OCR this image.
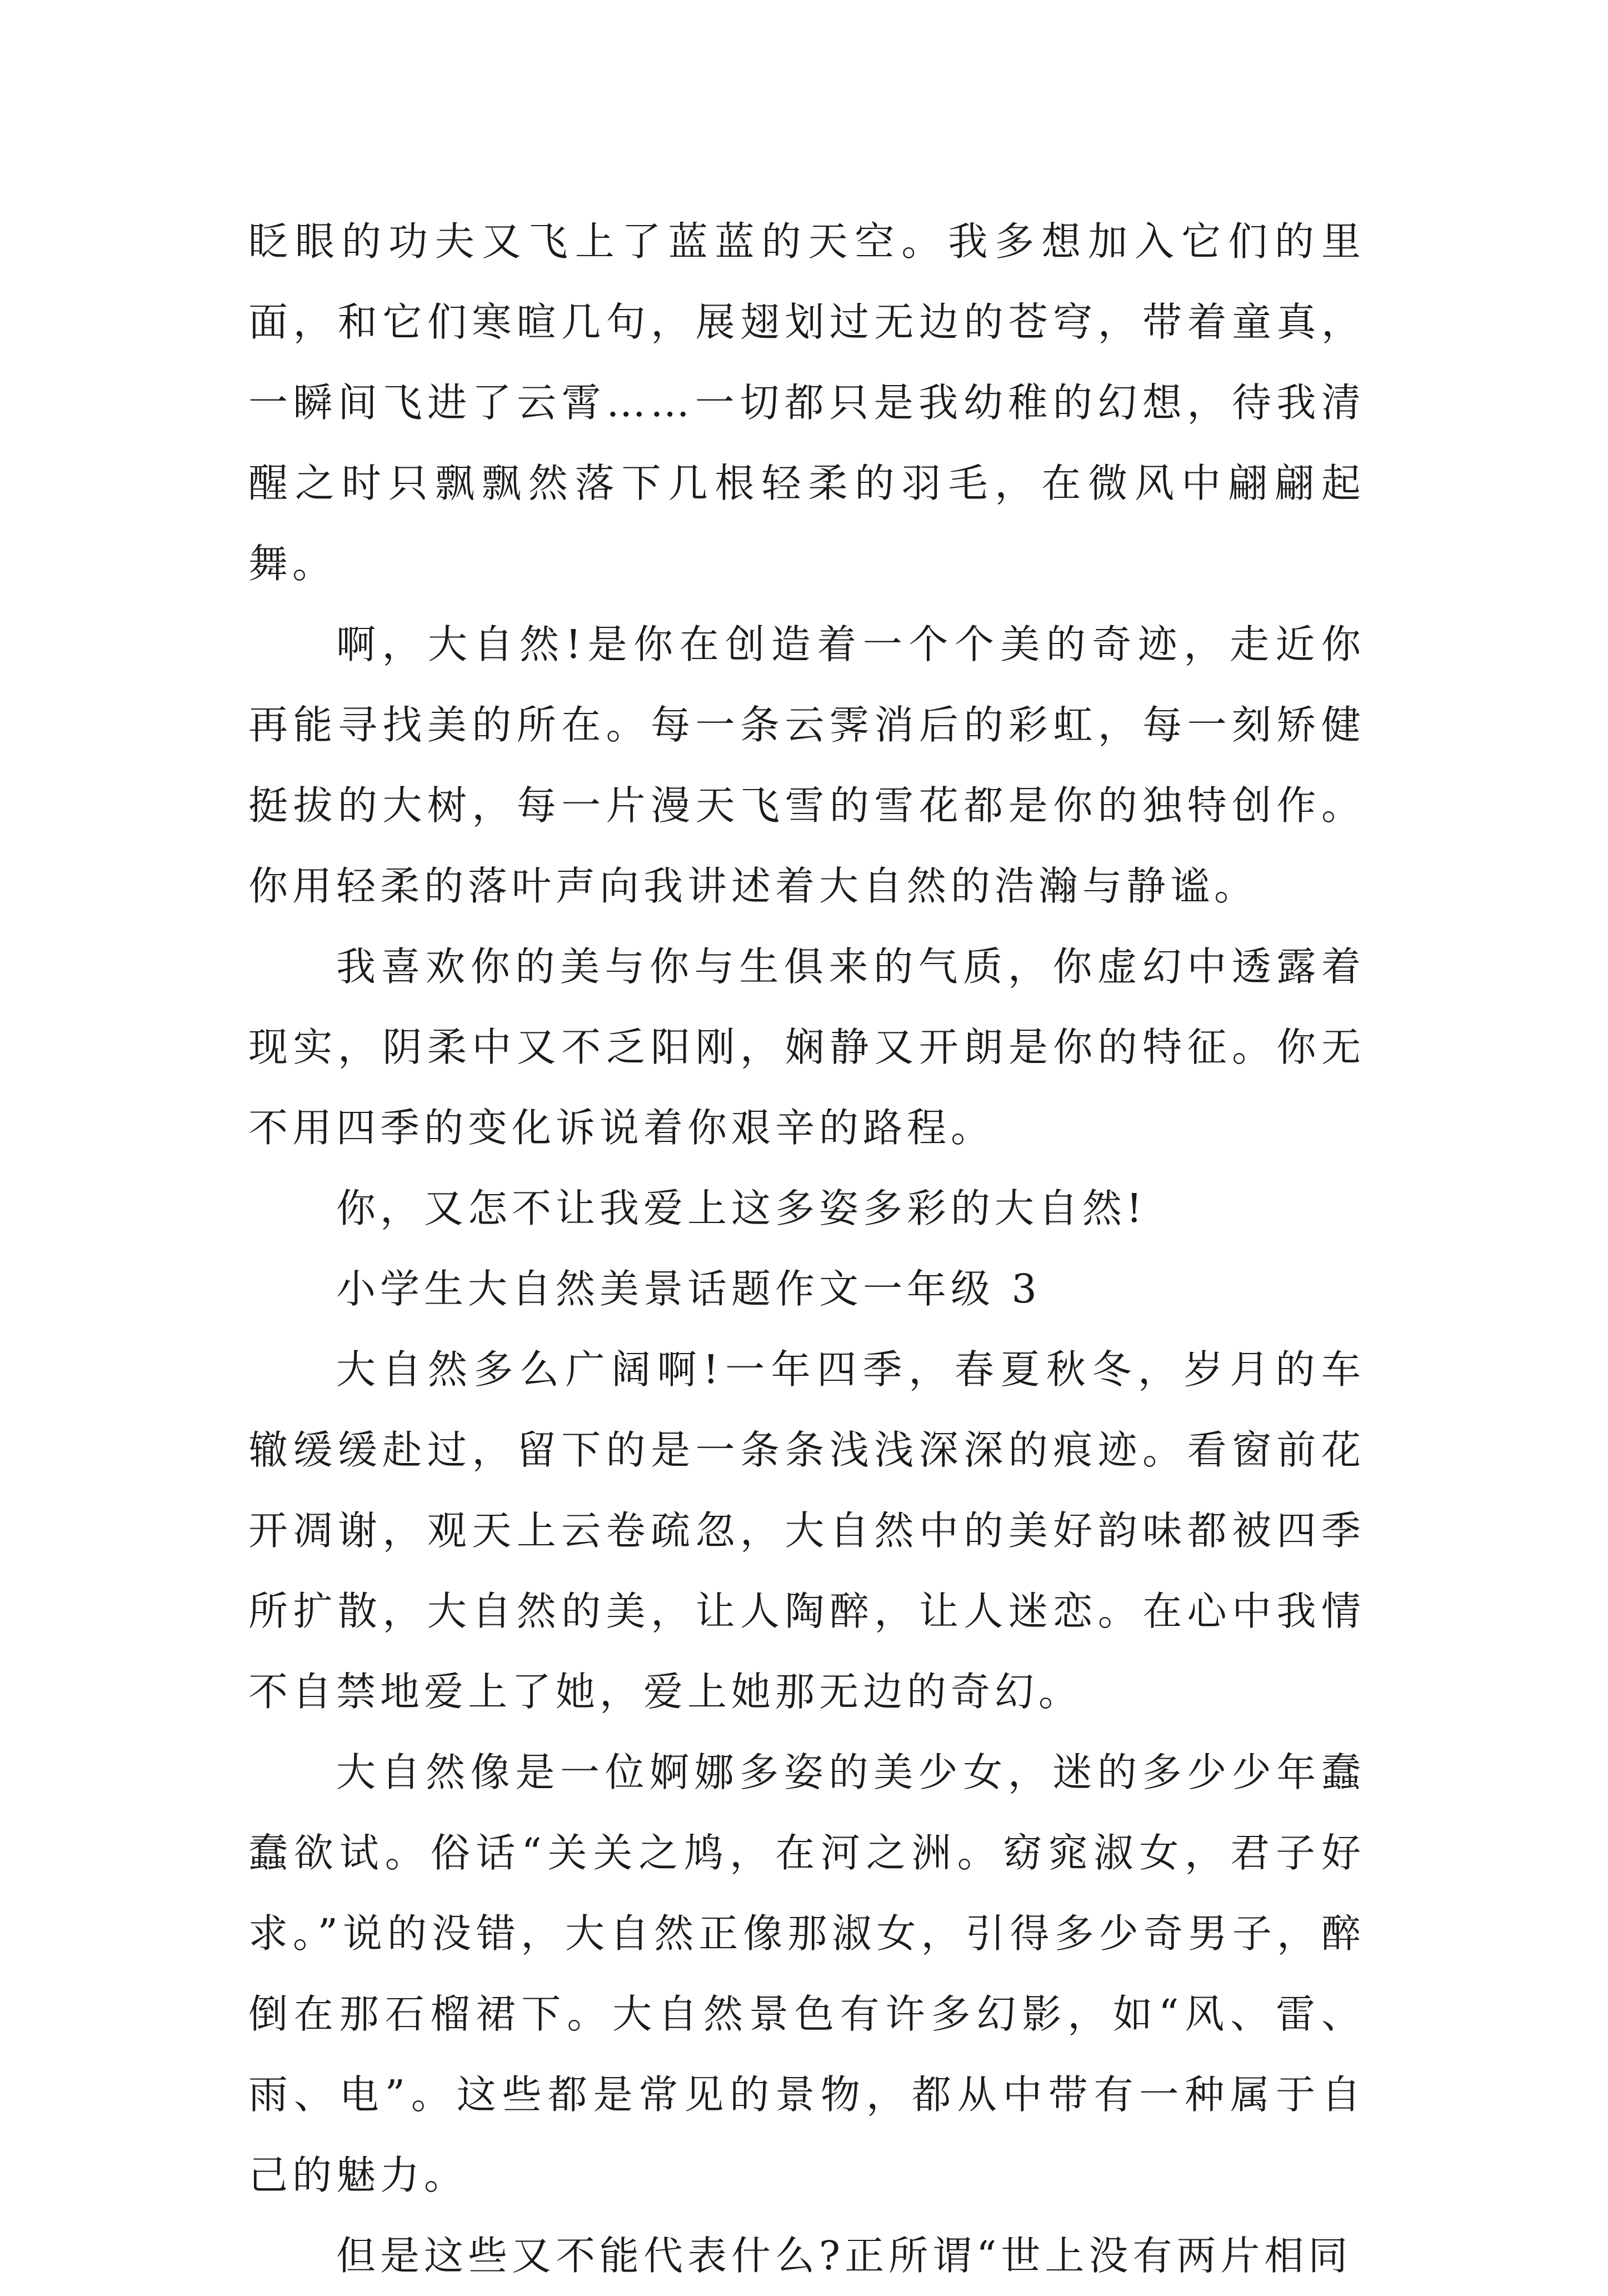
眨眼的功夫又飞上了蓝蓝的天空。我多想加入它们的里面，和它们寒暄几句，展翅划过无边的苍穹，带着童真，一瞬间飞进了云霄……一切都只是我幼稚的幻想，待我清醒之时只飘飘然落下几根轻柔的羽毛，在微风中翩翩起舞。

啊，大自然!是你在创造着一个个美的奇迹，走近你再能寻找美的所在。每一条云霁消后的彩虹，每一刻矫健挺拔的大树，每一片漫天飞雪的雪花都是你的独特创作。你用轻柔的落叶声向我讲述着大自然的浩瀚与静谧。

我喜欢你的美与你与生俱来的气质，你虚幻中透露着现实，阴柔中又不乏阳刚，娴静又开朗是你的特征。你无不用四季的变化诉说着你艰辛的路程。

你，又怎不让我爱上这多姿多彩的大自然!

小学生大自然美景话题作文一年级 3

大自然多么广阔啊!一年四季，春夏秋冬，岁月的车辙缓缓赴过，留下的是一条条浅浅深深的痕迹。看窗前花开凋谢，观天上云卷疏忽，大自然中的美好韵味都被四季所扩散，大自然的美，让人陶醉，让人迷恋。在心中我情不自禁地爱上了她，爱上她那无边的奇幻。

大自然像是一位婀娜多姿的美少女，迷的多少少年蠢蠢欲试。俗话“关关之鸠，在河之洲。窈窕淑女，君子好求。”说的没错，大自然正像那淑女，引得多少奇男子，醉倒在那石榴裙下。大自然景色有许多幻影，如“风、雷、雨、电”。这些都是常见的景物，都从中带有一种属于自己的魅力。

但是这些又不能代表什么?正所谓“世上没有两片相同
